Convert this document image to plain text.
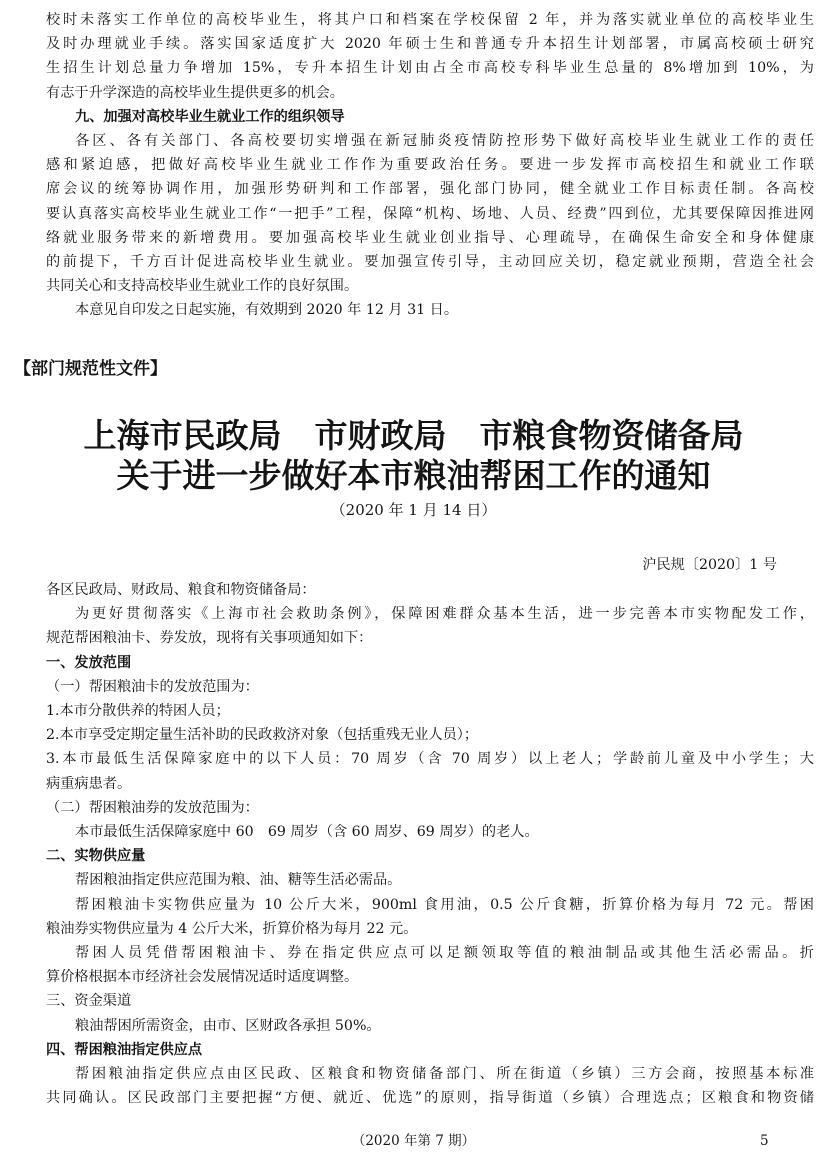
校时未落实工作单位的高校毕业生，将其户口和档案在学校保留 2 年，并为落实就业单位的高校毕业生

及时办理就业手续。落实国家适度扩大 2020 年硕士生和普通专升本招生计划部署，市属高校硕士研究

生招生计划总量力争增加 15%，专升本招生计划由占全市高校专科毕业生总量的 8%增加到 10%，为

有志于升学深造的高校毕业生提供更多的机会。

九、加强对高校毕业生就业工作的组织领导

各区、各有关部门、各高校要切实增强在新冠肺炎疫情防控形势下做好高校毕业生就业工作的责任

感和紧迫感，把做好高校毕业生就业工作作为重要政治任务。要进一步发挥市高校招生和就业工作联

席会议的统筹协调作用，加强形势研判和工作部署，强化部门协同，健全就业工作目标责任制。各高校

要认真落实高校毕业生就业工作“一把手”工程，保障“机构、场地、人员、经费”四到位，尤其要保障因推进网

络就业服务带来的新增费用。要加强高校毕业生就业创业指导、心理疏导，在确保生命安全和身体健康

的前提下，千方百计促进高校毕业生就业。要加强宣传引导，主动回应关切，稳定就业预期，营造全社会

共同关心和支持高校毕业生就业工作的良好氛围。

本意见自印发之日起实施，有效期到 2020 年 12 月 31 日。

【部门规范性文件】
上海市民政局　市财政局　市粮食物资储备局
关于进一步做好本市粮油帮困工作的通知
（2020 年 1 月 14 日）
沪民规〔2020〕1 号

各区民政局、财政局、粮食和物资储备局：

为更好贯彻落实《上海市社会救助条例》，保障困难群众基本生活，进一步完善本市实物配发工作，

规范帮困粮油卡、券发放，现将有关事项通知如下：

一、发放范围

（一）帮困粮油卡的发放范围为：

1.本市分散供养的特困人员；

2.本市享受定期定量生活补助的民政救济对象（包括重残无业人员）；

3.本市最低生活保障家庭中的以下人员：70 周岁（含 70 周岁）以上老人；学龄前儿童及中小学生；大

病重病患者。

（二）帮困粮油券的发放范围为：

本市最低生活保障家庭中 60　69 周岁（含 60 周岁、69 周岁）的老人。

二、实物供应量

帮困粮油指定供应范围为粮、油、糖等生活必需品。

帮困粮油卡实物供应量为 10 公斤大米，900ml 食用油，0.5 公斤食糖，折算价格为每月 72 元。帮困

粮油券实物供应量为 4 公斤大米，折算价格为每月 22 元。

帮困人员凭借帮困粮油卡、券在指定供应点可以足额领取等值的粮油制品或其他生活必需品。折

算价格根据本市经济社会发展情况适时适度调整。

三、资金渠道

粮油帮困所需资金，由市、区财政各承担 50%。

四、帮困粮油指定供应点

帮困粮油指定供应点由区民政、区粮食和物资储备部门、所在街道（乡镇）三方会商，按照基本标准

共同确认。区民政部门主要把握“方便、就近、优选”的原则，指导街道（乡镇）合理选点；区粮食和物资储

（2020 年第 7 期）	5
